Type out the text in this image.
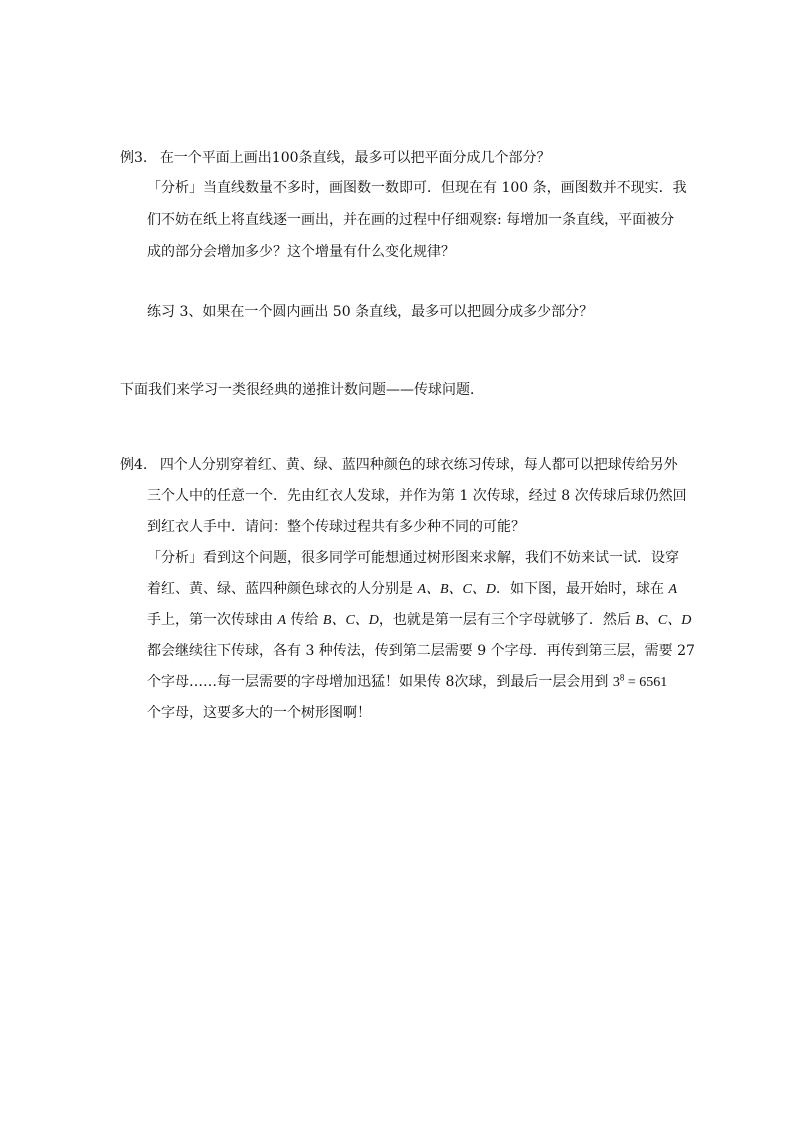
例3. 在一个平面上画出100条直线，最多可以把平面分成几个部分？
「分析」当直线数量不多时，画图数一数即可．但现在有 100 条，画图数并不现实．我
们不妨在纸上将直线逐一画出，并在画的过程中仔细观察: 每增加一条直线，平面被分
成的部分会增加多少？这个增量有什么变化规律？
练习 3、如果在一个圆内画出 50 条直线，最多可以把圆分成多少部分？
下面我们来学习一类很经典的递推计数问题——传球问题．
例4. 四个人分别穿着红、黄、绿、蓝四种颜色的球衣练习传球，每人都可以把球传给另外
三个人中的任意一个．先由红衣人发球，并作为第 1 次传球，经过 8 次传球后球仍然回
到红衣人手中．请问：整个传球过程共有多少种不同的可能？
「分析」看到这个问题，很多同学可能想通过树形图来求解，我们不妨来试一试．设穿
着红、黄、绿、蓝四种颜色球衣的人分别是 A、B、C、D．如下图，最开始时，球在 A
手上，第一次传球由 A 传给 B、C、D，也就是第一层有三个字母就够了．然后 B、C、D
都会继续往下传球，各有 3 种传法，传到第二层需要 9 个字母．再传到第三层，需要 27
个字母……每一层需要的字母增加迅猛！如果传 8次球，到最后一层会用到 $3^8 = 6561$
个字母，这要多大的一个树形图啊！
